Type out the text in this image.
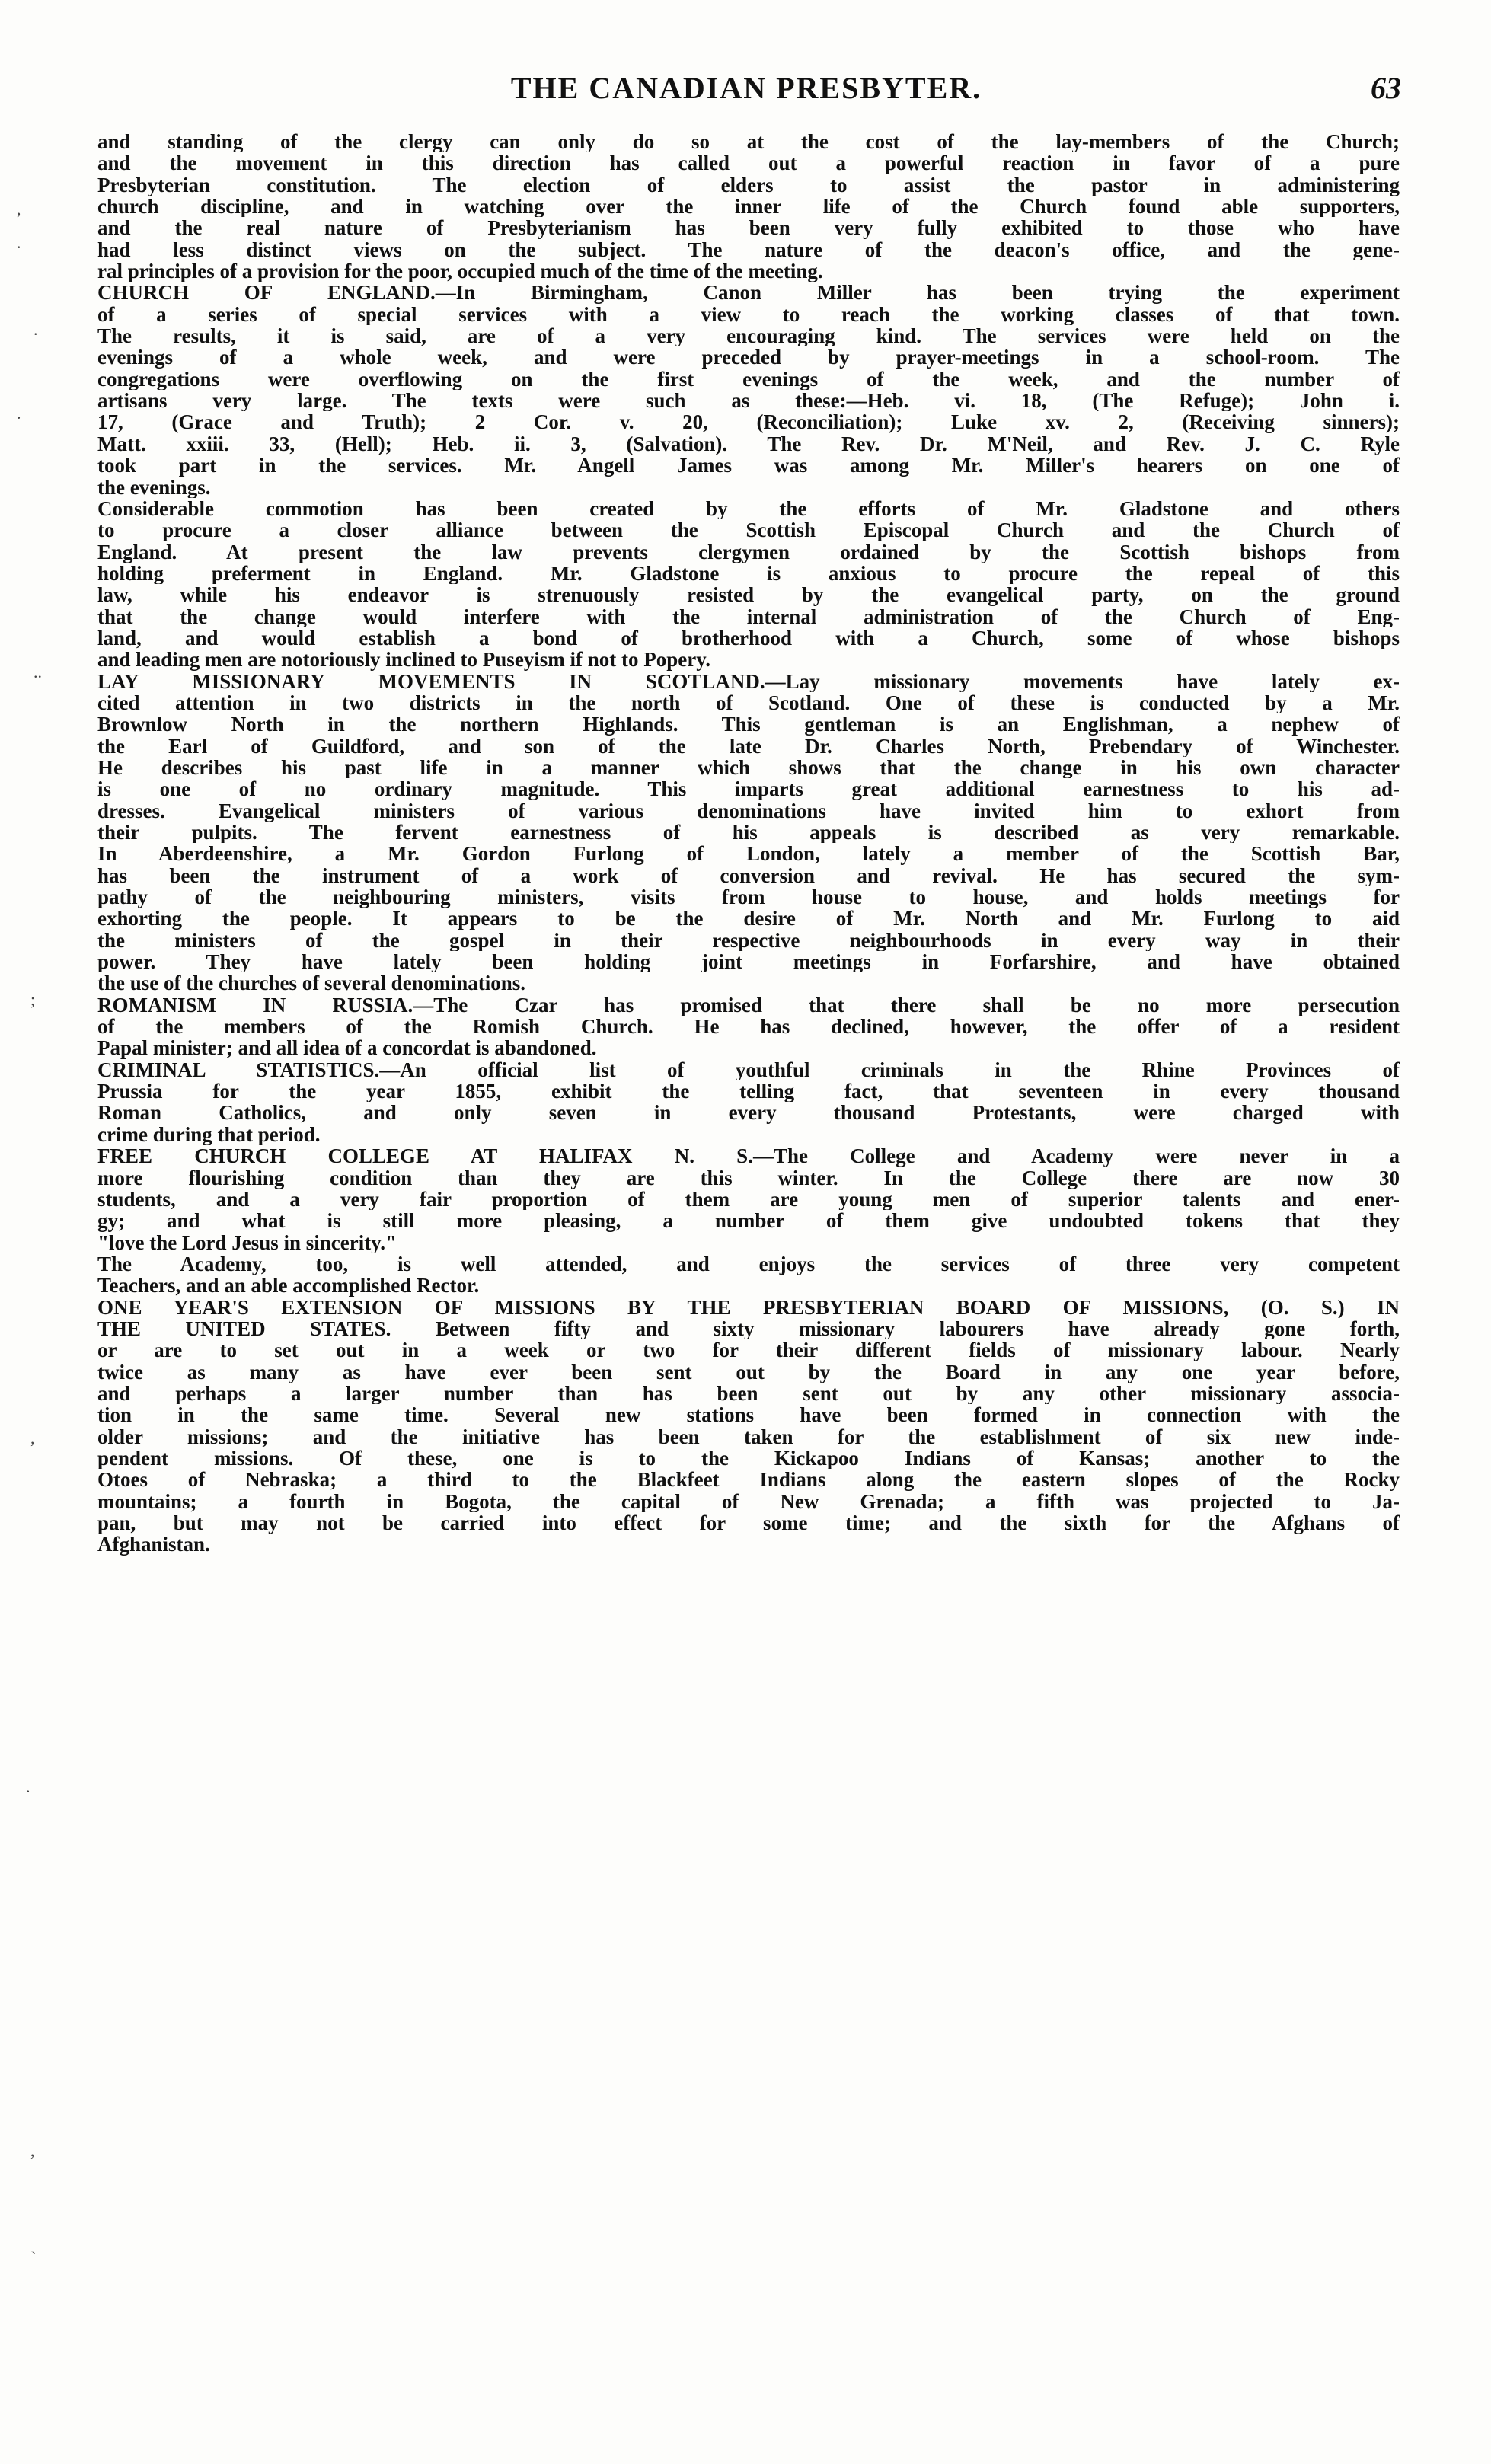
THE CANADIAN PRESBYTER.	63
,
.
.
.
..
;
,
.
,
`
and standing of the clergy can only do so at the cost of the lay-members of the Church;
and the movement in this direction has called out a powerful reaction in favor of a pure
Presbyterian constitution. The election of elders to assist the pastor in administering
church discipline, and in watching over the inner life of the Church found able supporters,
and the real nature of Presbyterianism has been very fully exhibited to those who have
had less distinct views on the subject. The nature of the deacon's office, and the gene-
ral principles of a provision for the poor, occupied much of the time of the meeting.
CHURCH OF ENGLAND.—In Birmingham, Canon Miller has been trying the experiment
of a series of special services with a view to reach the working classes of that town.
The results, it is said, are of a very encouraging kind. The services were held on the
evenings of a whole week, and were preceded by prayer-meetings in a school-room. The
congregations were overflowing on the first evenings of the week, and the number of
artisans very large. The texts were such as these:—Heb. vi. 18, (The Refuge); John i.
17, (Grace and Truth); 2 Cor. v. 20, (Reconciliation); Luke xv. 2, (Receiving sinners);
Matt. xxiii. 33, (Hell); Heb. ii. 3, (Salvation). The Rev. Dr. M'Neil, and Rev. J. C. Ryle
took part in the services. Mr. Angell James was among Mr. Miller's hearers on one of
the evenings.
Considerable commotion has been created by the efforts of Mr. Gladstone and others
to procure a closer alliance between the Scottish Episcopal Church and the Church of
England. At present the law prevents clergymen ordained by the Scottish bishops from
holding preferment in England. Mr. Gladstone is anxious to procure the repeal of this
law, while his endeavor is strenuously resisted by the evangelical party, on the ground
that the change would interfere with the internal administration of the Church of Eng-
land, and would establish a bond of brotherhood with a Church, some of whose bishops
and leading men are notoriously inclined to Puseyism if not to Popery.
LAY MISSIONARY MOVEMENTS IN SCOTLAND.—Lay missionary movements have lately ex-
cited attention in two districts in the north of Scotland. One of these is conducted by a Mr.
Brownlow North in the northern Highlands. This gentleman is an Englishman, a nephew of
the Earl of Guildford, and son of the late Dr. Charles North, Prebendary of Winchester.
He describes his past life in a manner which shows that the change in his own character
is one of no ordinary magnitude. This imparts great additional earnestness to his ad-
dresses. Evangelical ministers of various denominations have invited him to exhort from
their pulpits. The fervent earnestness of his appeals is described as very remarkable.
In Aberdeenshire, a Mr. Gordon Furlong of London, lately a member of the Scottish Bar,
has been the instrument of a work of conversion and revival. He has secured the sym-
pathy of the neighbouring ministers, visits from house to house, and holds meetings for
exhorting the people. It appears to be the desire of Mr. North and Mr. Furlong to aid
the ministers of the gospel in their respective neighbourhoods in every way in their
power. They have lately been holding joint meetings in Forfarshire, and have obtained
the use of the churches of several denominations.
ROMANISM IN RUSSIA.—The Czar has promised that there shall be no more persecution
of the members of the Romish Church. He has declined, however, the offer of a resident
Papal minister; and all idea of a concordat is abandoned.
CRIMINAL STATISTICS.—An official list of youthful criminals in the Rhine Provinces of
Prussia for the year 1855, exhibit the telling fact, that seventeen in every thousand
Roman Catholics, and only seven in every thousand Protestants, were charged with
crime during that period.
FREE CHURCH COLLEGE AT HALIFAX N. S.—The College and Academy were never in a
more flourishing condition than they are this winter. In the College there are now 30
students, and a very fair proportion of them are young men of superior talents and ener-
gy; and what is still more pleasing, a number of them give undoubted tokens that they
"love the Lord Jesus in sincerity."
The Academy, too, is well attended, and enjoys the services of three very competent
Teachers, and an able accomplished Rector.
ONE YEAR'S EXTENSION OF MISSIONS BY THE PRESBYTERIAN BOARD OF MISSIONS, (O. S.) IN
THE UNITED STATES. Between fifty and sixty missionary labourers have already gone forth,
or are to set out in a week or two for their different fields of missionary labour. Nearly
twice as many as have ever been sent out by the Board in any one year before,
and perhaps a larger number than has been sent out by any other missionary associa-
tion in the same time. Several new stations have been formed in connection with the
older missions; and the initiative has been taken for the establishment of six new inde-
pendent missions. Of these, one is to the Kickapoo Indians of Kansas; another to the
Otoes of Nebraska; a third to the Blackfeet Indians along the eastern slopes of the Rocky
mountains; a fourth in Bogota, the capital of New Grenada; a fifth was projected to Ja-
pan, but may not be carried into effect for some time; and the sixth for the Afghans of
Afghanistan.
